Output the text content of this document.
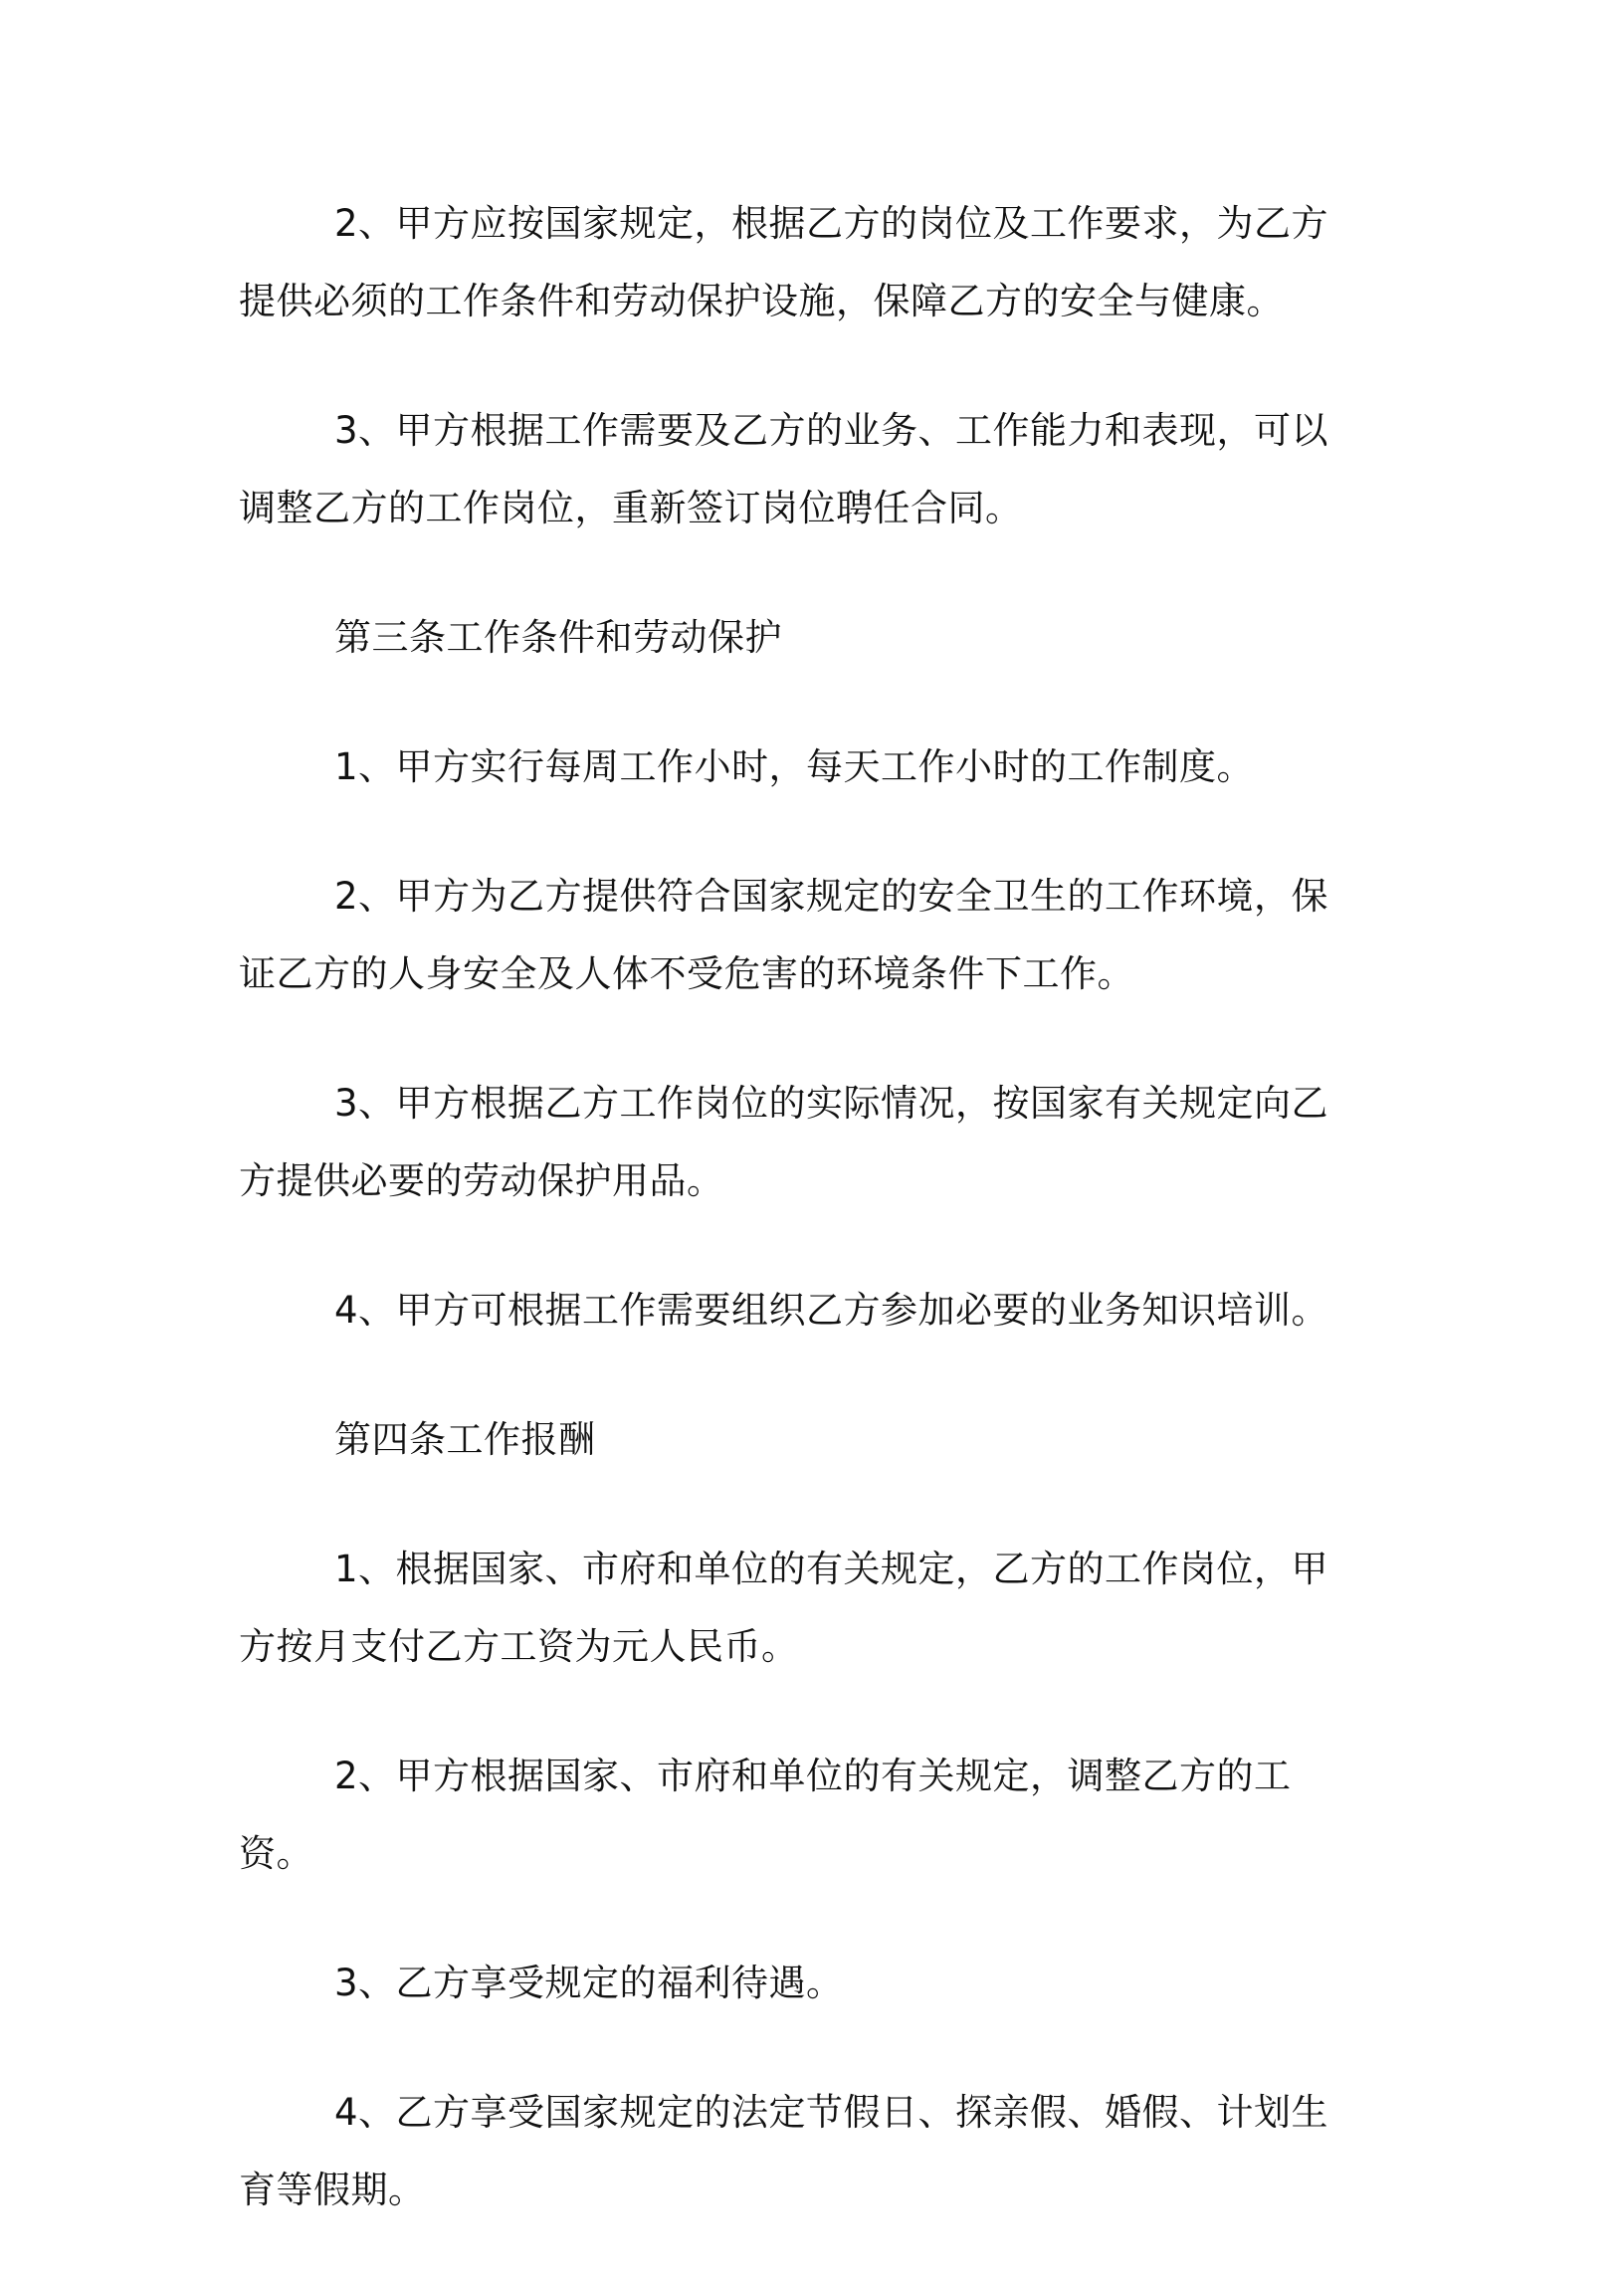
2、甲方应按国家规定，根据乙方的岗位及工作要求，为乙方提供必须的工作条件和劳动保护设施，保障乙方的安全与健康。

3、甲方根据工作需要及乙方的业务、工作能力和表现，可以调整乙方的工作岗位，重新签订岗位聘任合同。

第三条工作条件和劳动保护

1、甲方实行每周工作小时，每天工作小时的工作制度。

2、甲方为乙方提供符合国家规定的安全卫生的工作环境，保证乙方的人身安全及人体不受危害的环境条件下工作。

3、甲方根据乙方工作岗位的实际情况，按国家有关规定向乙方提供必要的劳动保护用品。

4、甲方可根据工作需要组织乙方参加必要的业务知识培训。

第四条工作报酬

1、根据国家、市府和单位的有关规定，乙方的工作岗位，甲方按月支付乙方工资为元人民币。

2、甲方根据国家、市府和单位的有关规定，调整乙方的工资。

3、乙方享受规定的福利待遇。

4、乙方享受国家规定的法定节假日、探亲假、婚假、计划生育等假期。
